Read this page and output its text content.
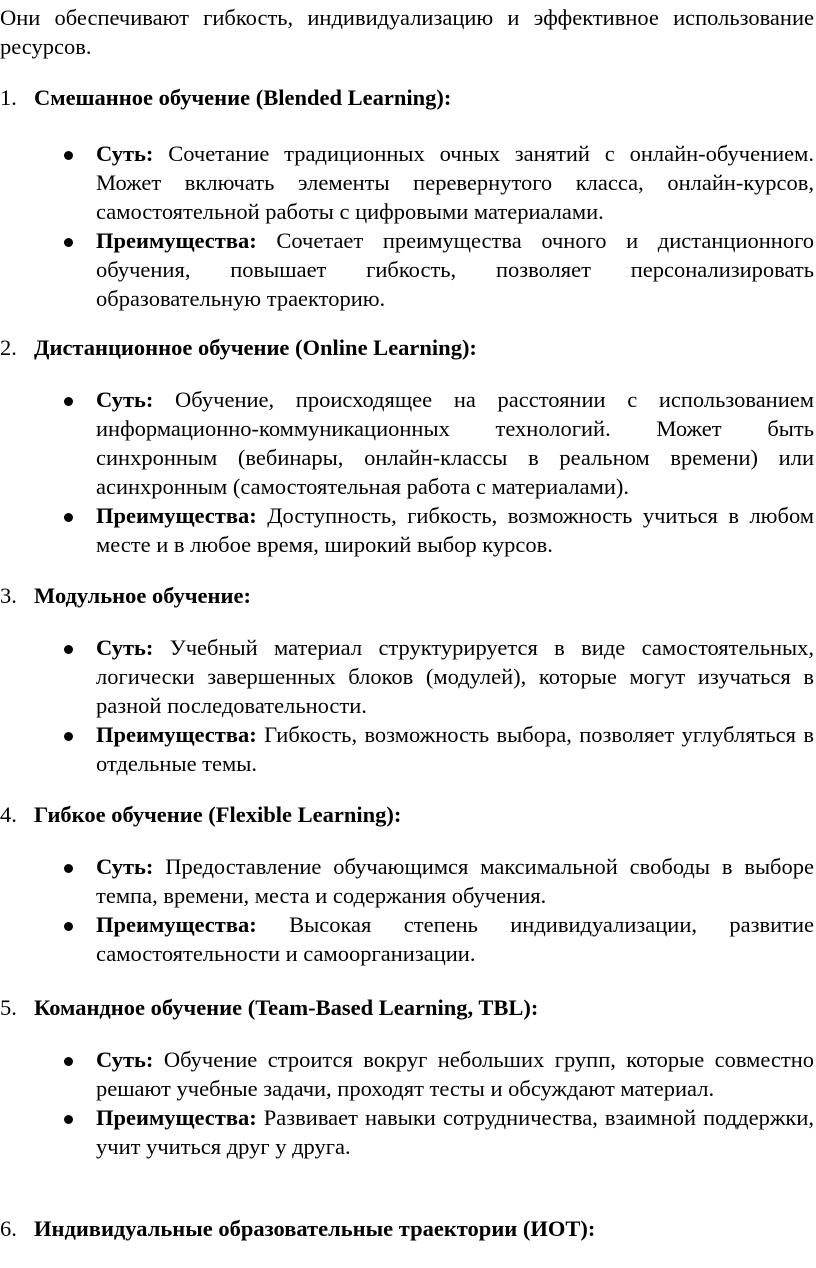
Они обеспечивают гибкость, индивидуализацию и эффективное использование ресурсов.

1. Смешанное обучение (Blended Learning):
Суть: Сочетание традиционных очных занятий с онлайн-обучением. Может включать элементы перевернутого класса, онлайн-курсов, самостоятельной работы с цифровыми материалами.
Преимущества: Сочетает преимущества очного и дистанционного обучения, повышает гибкость, позволяет персонализировать образовательную траекторию.
2. Дистанционное обучение (Online Learning):
Суть: Обучение, происходящее на расстоянии с использованием информационно-коммуникационных технологий. Может быть синхронным (вебинары, онлайн-классы в реальном времени) или асинхронным (самостоятельная работа с материалами).
Преимущества: Доступность, гибкость, возможность учиться в любом месте и в любое время, широкий выбор курсов.
3. Модульное обучение:
Суть: Учебный материал структурируется в виде самостоятельных, логически завершенных блоков (модулей), которые могут изучаться в разной последовательности.
Преимущества: Гибкость, возможность выбора, позволяет углубляться в отдельные темы.
4. Гибкое обучение (Flexible Learning):
Суть: Предоставление обучающимся максимальной свободы в выборе темпа, времени, места и содержания обучения.
Преимущества: Высокая степень индивидуализации, развитие самостоятельности и самоорганизации.
5. Командное обучение (Team-Based Learning, TBL):
Суть: Обучение строится вокруг небольших групп, которые совместно решают учебные задачи, проходят тесты и обсуждают материал.
Преимущества: Развивает навыки сотрудничества, взаимной поддержки, учит учиться друг у друга.
6. Индивидуальные образовательные траектории (ИОТ):
